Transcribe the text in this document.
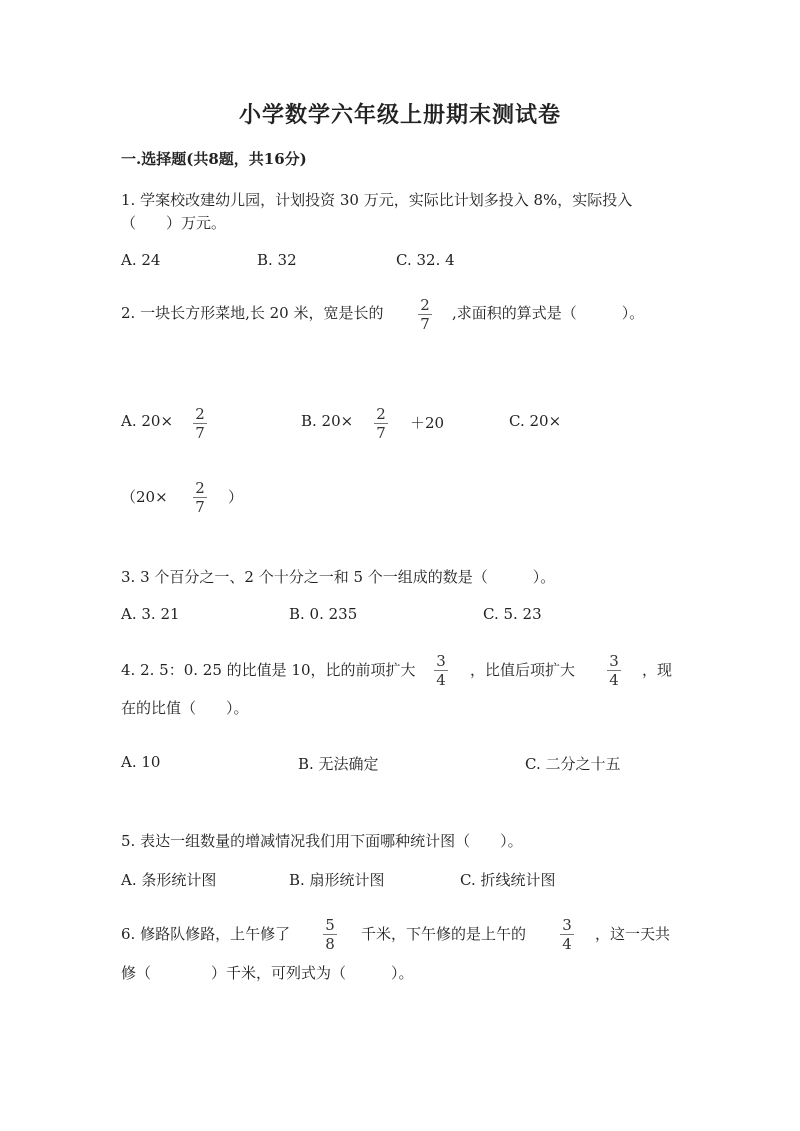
小学数学六年级上册期末测试卷
一.选择题(共8题，共16分)
1. 学案校改建幼儿园，计划投资 30 万元，实际比计划多投入 8%，实际投入
（　　）万元。
A. 24	B. 32	C. 32. 4
2. 一块长方形菜地,长 20 米，宽是长的 2
7
,求面积的算式是（　　　）。
A. 20× 2
7
B. 20× 2
7
＋20	C. 20×
（20× 2
7
）
3. 3 个百分之一、2 个十分之一和 5 个一组成的数是（　　　）。
A. 3. 21	B. 0. 235	C. 5. 23
4. 2. 5：0. 25 的比值是 10，比的前项扩大 3
4
，比值后项扩大 3
4
，现
在的比值（　　）。
A. 10	B. 无法确定	C. 二分之十五
5. 表达一组数量的增减情况我们用下面哪种统计图（　　）。
A. 条形统计图	B. 扇形统计图	C. 折线统计图
6. 修路队修路，上午修了 5
8
千米，下午修的是上午的 3
4
，这一天共
修（　　　　）千米，可列式为（　　　）。
